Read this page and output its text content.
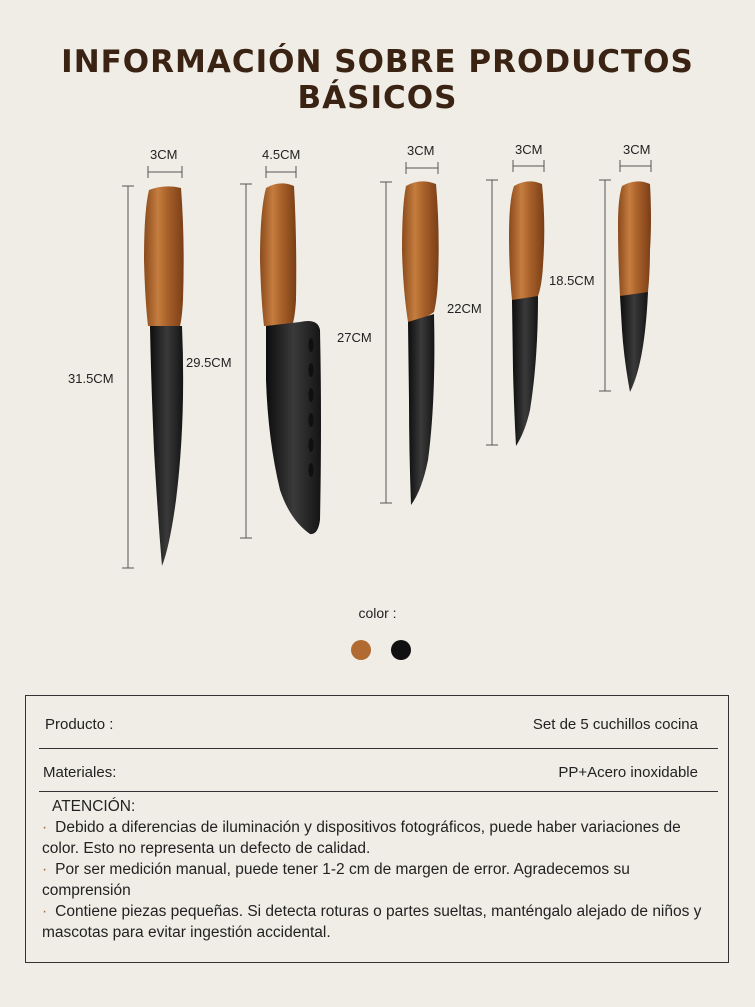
INFORMACIÓN SOBRE PRODUCTOS BÁSICOS
3CM	4.5CM	3CM	3CM	3CM
31.5CM
29.5CM
27CM
22CM
18.5CM
color :
Producto :	Set de 5 cuchillos cocina
Materiales:	PP+Acero inoxidable
ATENCIÓN:
· Debido a diferencias de iluminación y dispositivos fotográficos, puede haber variaciones de color. Esto no representa un defecto de calidad.
· Por ser medición manual, puede tener 1-2 cm de margen de error. Agradecemos su comprensión
· Contiene piezas pequeñas. Si detecta roturas o partes sueltas, manténgalo alejado de niños y mascotas para evitar ingestión accidental.
